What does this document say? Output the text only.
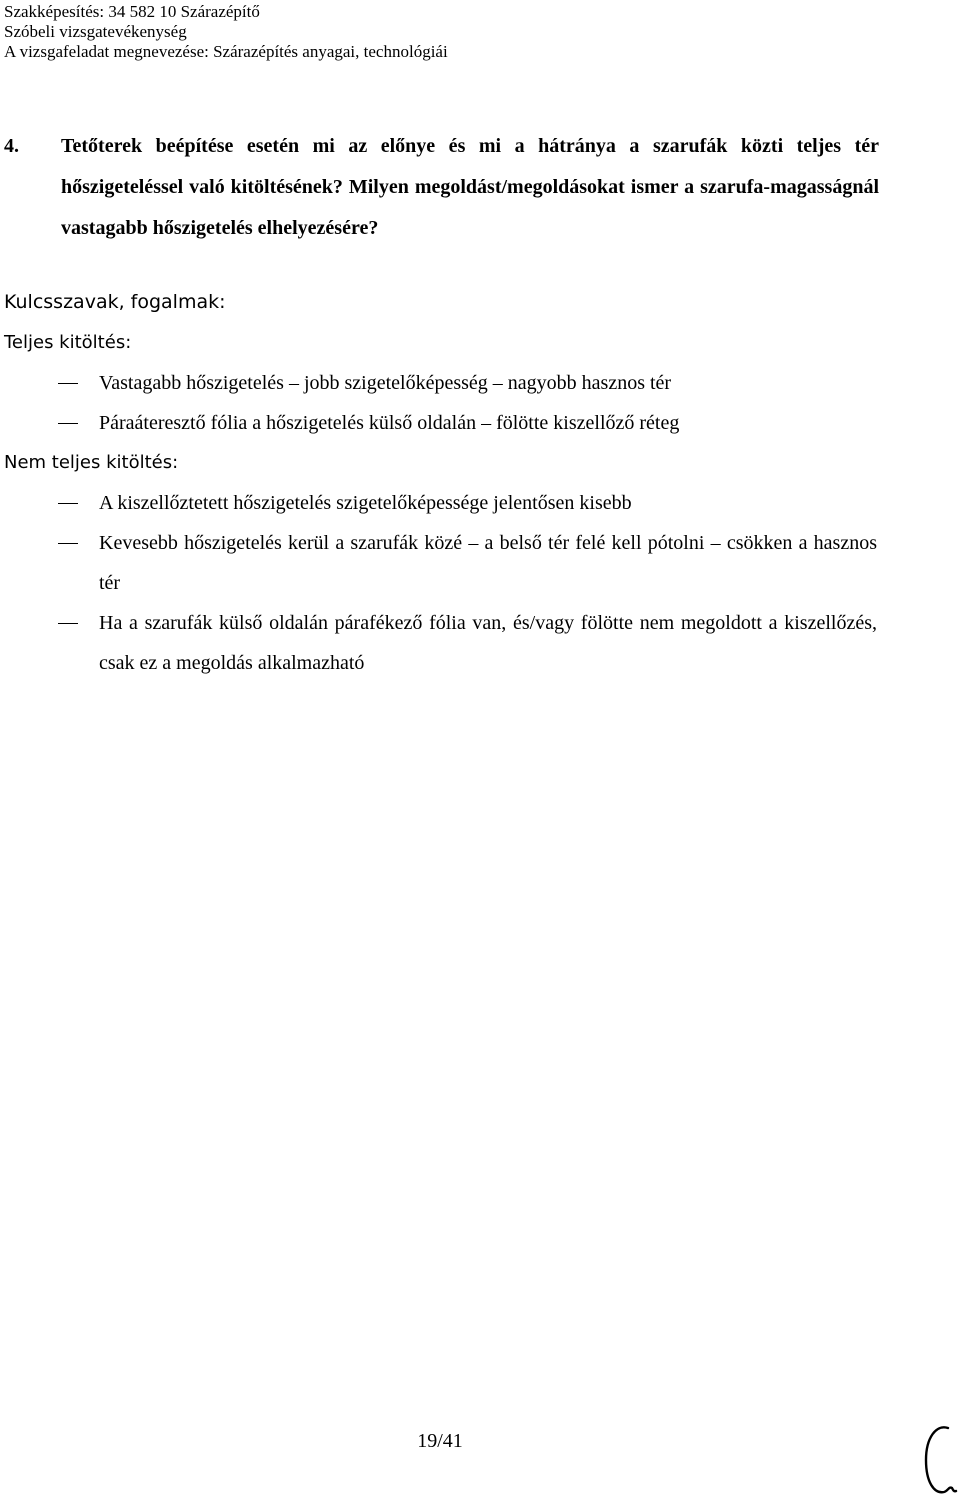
Szakképesítés: 34 582 10 Szárazépítő
Szóbeli vizsgatevékenység
A vizsgafeladat megnevezése: Szárazépítés anyagai, technológiái
4. Tetőterek beépítése esetén mi az előnye és mi a hátránya a szarufák közti teljes tér hőszigeteléssel való kitöltésének? Milyen megoldást/megoldásokat ismer a szarufa-magasságnál vastagabb hőszigetelés elhelyezésére?
Kulcsszavak, fogalmak:
Teljes kitöltés:
Vastagabb hőszigetelés – jobb szigetelőképesség – nagyobb hasznos tér
Páraáteresztő fólia a hőszigetelés külső oldalán – fölötte kiszellőző réteg
Nem teljes kitöltés:
A kiszellőztetett hőszigetelés szigetelőképessége jelentősen kisebb
Kevesebb hőszigetelés kerül a szarufák közé – a belső tér felé kell pótolni – csökken a hasznos tér
Ha a szarufák külső oldalán párafékező fólia van, és/vagy fölötte nem megoldott a kiszellőzés, csak ez a megoldás alkalmazható
19/41
